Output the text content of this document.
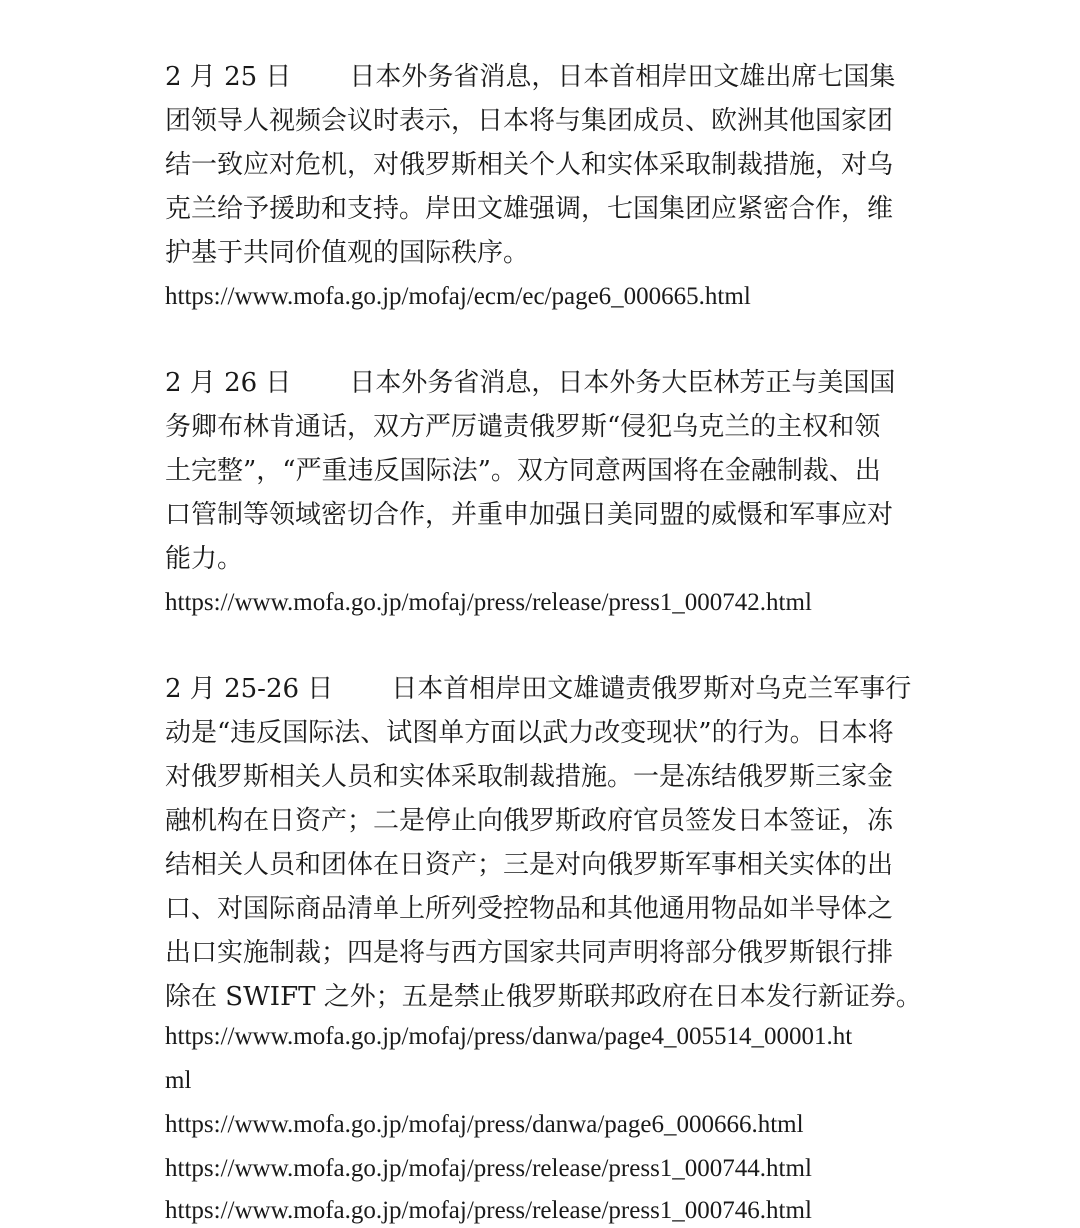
2 月 25 日 日本外务省消息，日本首相岸田文雄出席七国集
团领导人视频会议时表示，日本将与集团成员、欧洲其他国家团
结一致应对危机，对俄罗斯相关个人和实体采取制裁措施，对乌
克兰给予援助和支持。岸田文雄强调，七国集团应紧密合作，维
护基于共同价值观的国际秩序。
https://www.mofa.go.jp/mofaj/ecm/ec/page6_000665.html
2 月 26 日 日本外务省消息，日本外务大臣林芳正与美国国
务卿布林肯通话，双方严厉谴责俄罗斯“侵犯乌克兰的主权和领
土完整”，“严重违反国际法”。双方同意两国将在金融制裁、出
口管制等领域密切合作，并重申加强日美同盟的威慑和军事应对
能力。
https://www.mofa.go.jp/mofaj/press/release/press1_000742.html
2 月 25-26 日 日本首相岸田文雄谴责俄罗斯对乌克兰军事行
动是“违反国际法、试图单方面以武力改变现状”的行为。日本将
对俄罗斯相关人员和实体采取制裁措施。一是冻结俄罗斯三家金
融机构在日资产；二是停止向俄罗斯政府官员签发日本签证，冻
结相关人员和团体在日资产；三是对向俄罗斯军事相关实体的出
口、对国际商品清单上所列受控物品和其他通用物品如半导体之
出口实施制裁；四是将与西方国家共同声明将部分俄罗斯银行排
除在 SWIFT 之外；五是禁止俄罗斯联邦政府在日本发行新证券。
https://www.mofa.go.jp/mofaj/press/danwa/page4_005514_00001.ht
ml
https://www.mofa.go.jp/mofaj/press/danwa/page6_000666.html
https://www.mofa.go.jp/mofaj/press/release/press1_000744.html
https://www.mofa.go.jp/mofaj/press/release/press1_000746.html
